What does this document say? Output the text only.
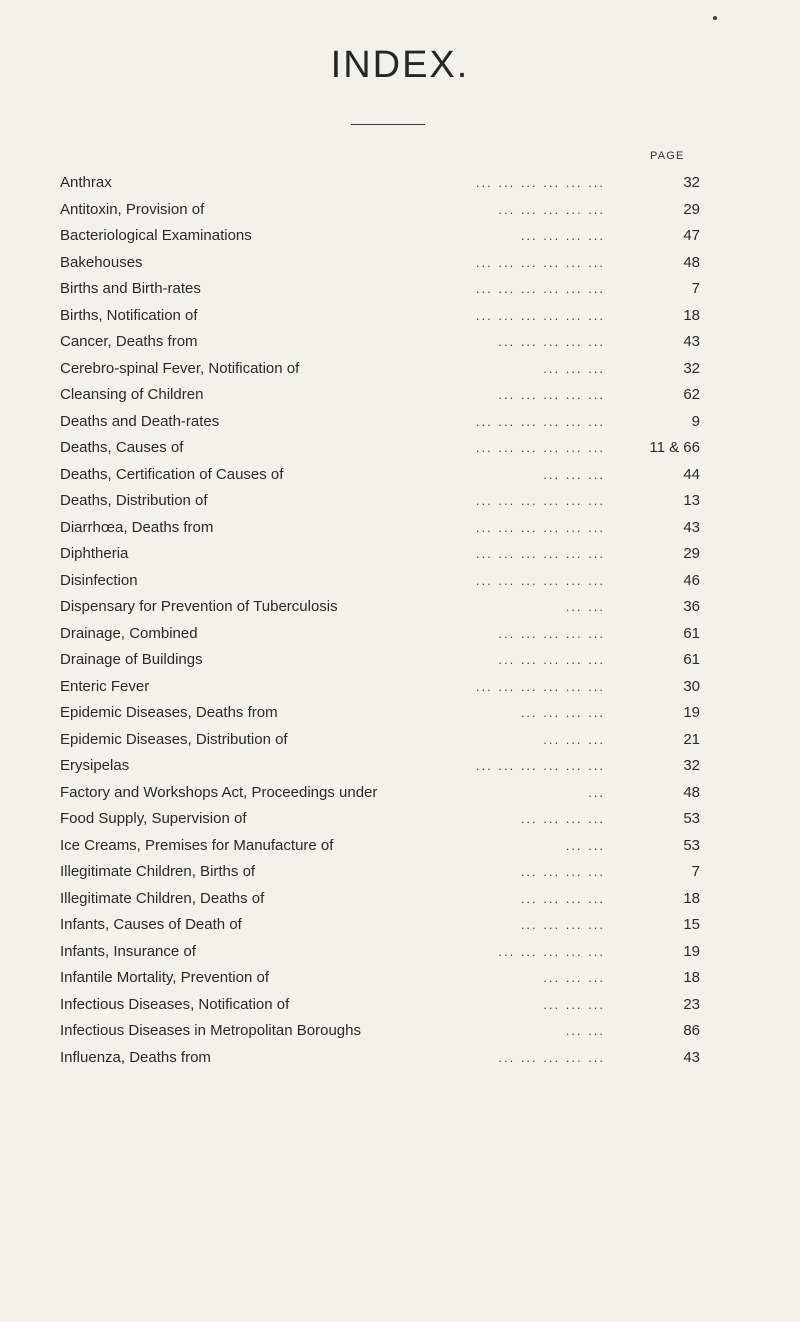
INDEX.
PAGE
Anthrax	... ... ... ... ... ...	32
Antitoxin, Provision of	... ... ... ... ...	29
Bacteriological Examinations	... ... ... ...	47
Bakehouses	... ... ... ... ... ...	48
Births and Birth-rates	... ... ... ... ... ...	7
Births, Notification of	... ... ... ... ... ...	18
Cancer, Deaths from	... ... ... ... ...	43
Cerebro-spinal Fever, Notification of	... ... ...	32
Cleansing of Children	... ... ... ... ...	62
Deaths and Death-rates	... ... ... ... ... ...	9
Deaths, Causes of	... ... ... ... ... ...	11 & 66
Deaths, Certification of Causes of	... ... ...	44
Deaths, Distribution of	... ... ... ... ... ...	13
Diarrhœa, Deaths from	... ... ... ... ... ...	43
Diphtheria	... ... ... ... ... ...	29
Disinfection	... ... ... ... ... ...	46
Dispensary for Prevention of Tuberculosis	... ...	36
Drainage, Combined	... ... ... ... ...	61
Drainage of Buildings	... ... ... ... ...	61
Enteric Fever	... ... ... ... ... ...	30
Epidemic Diseases, Deaths from	... ... ... ...	19
Epidemic Diseases, Distribution of	... ... ...	21
Erysipelas	... ... ... ... ... ...	32
Factory and Workshops Act, Proceedings under	...	48
Food Supply, Supervision of	... ... ... ...	53
Ice Creams, Premises for Manufacture of	... ...	53
Illegitimate Children, Births of	... ... ... ...	7
Illegitimate Children, Deaths of	... ... ... ...	18
Infants, Causes of Death of	... ... ... ...	15
Infants, Insurance of	... ... ... ... ...	19
Infantile Mortality, Prevention of	... ... ...	18
Infectious Diseases, Notification of	... ... ...	23
Infectious Diseases in Metropolitan Boroughs	... ...	86
Influenza, Deaths from	... ... ... ... ...	43
